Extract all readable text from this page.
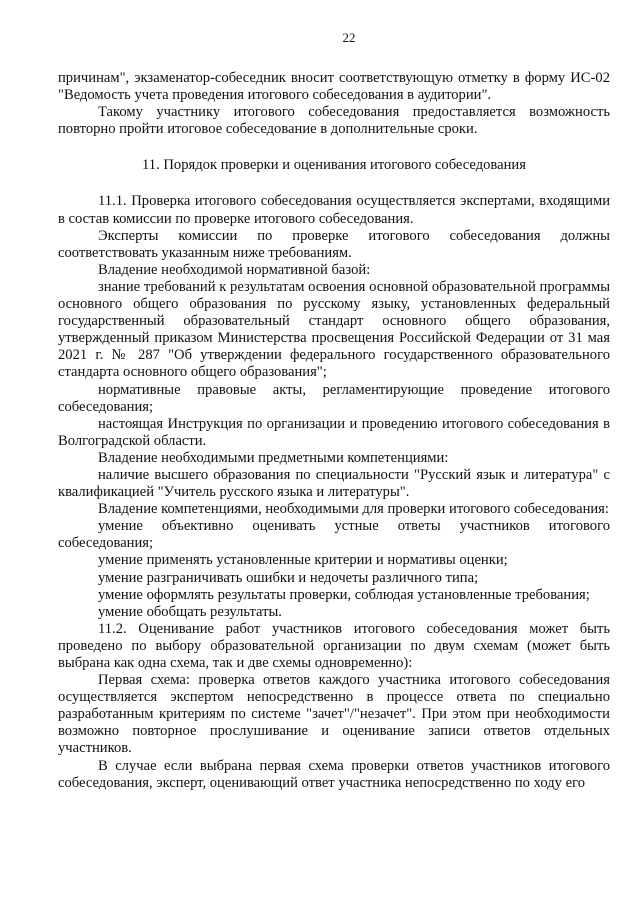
22

причинам", экзаменатор-собеседник вносит соответствующую отметку в форму ИС-02 "Ведомость учета проведения итогового собеседования в аудитории".

Такому участнику итогового собеседования предоставляется возможность повторно пройти итоговое собеседование в дополнительные сроки.

11. Порядок проверки и оценивания итогового собеседования

11.1. Проверка итогового собеседования осуществляется экспертами, входящими в состав комиссии по проверке итогового собеседования.

Эксперты комиссии по проверке итогового собеседования должны соответствовать указанным ниже требованиям.

Владение необходимой нормативной базой:

знание требований к результатам освоения основной образовательной программы основного общего образования по русскому языку, установленных федеральный государственный образовательный стандарт основного общего образования, утвержденный приказом Министерства просвещения Российской Федерации от 31 мая 2021 г. № 287 "Об утверждении федерального государственного образовательного стандарта основного общего образования";

нормативные правовые акты, регламентирующие проведение итогового собеседования;

настоящая Инструкция по организации и проведению итогового собеседования в Волгоградской области.

Владение необходимыми предметными компетенциями:

наличие высшего образования по специальности "Русский язык и литература" с квалификацией "Учитель русского языка и литературы".

Владение компетенциями, необходимыми для проверки итогового собеседования:

умение объективно оценивать устные ответы участников итогового собеседования;

умение применять установленные критерии и нормативы оценки;

умение разграничивать ошибки и недочеты различного типа;

умение оформлять результаты проверки, соблюдая установленные требования;

умение обобщать результаты.

11.2. Оценивание работ участников итогового собеседования может быть проведено по выбору образовательной организации по двум схемам (может быть выбрана как одна схема, так и две схемы одновременно):

Первая схема: проверка ответов каждого участника итогового собеседования осуществляется экспертом непосредственно в процессе ответа по специально разработанным критериям по системе "зачет"/"незачет". При этом при необходимости возможно повторное прослушивание и оценивание записи ответов отдельных участников.

В случае если выбрана первая схема проверки ответов участников итогового собеседования, эксперт, оценивающий ответ участника непосредственно по ходу его
